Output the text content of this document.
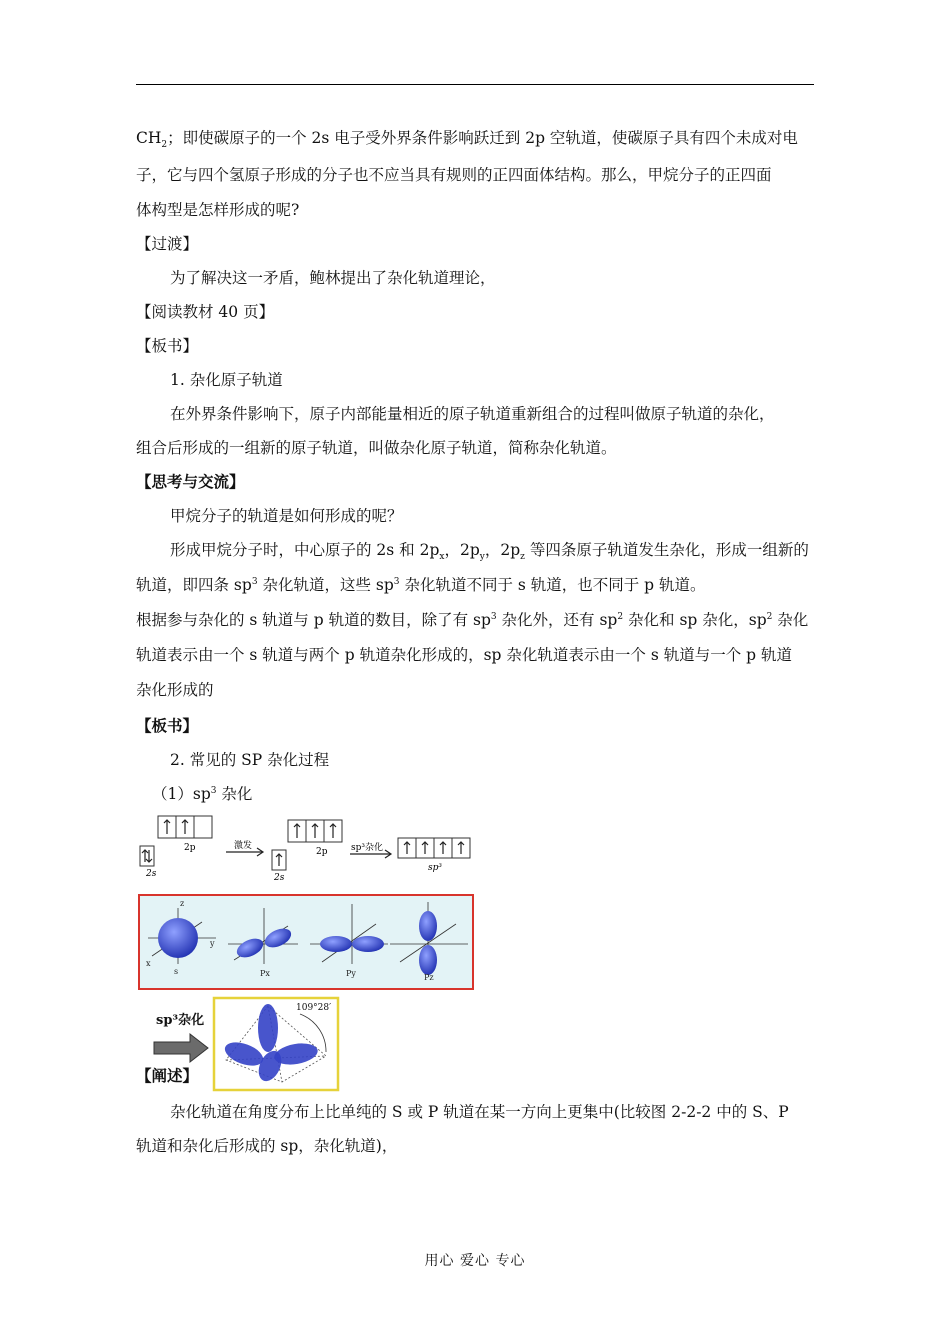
$CH_2$；即使碳原子的一个 2s 电子受外界条件影响跃迁到 2p 空轨道，使碳原子具有四个未成对电
子，它与四个氢原子形成的分子也不应当具有规则的正四面体结构。那么，甲烷分子的正四面
体构型是怎样形成的呢?
【过渡】
为了解决这一矛盾，鲍林提出了杂化轨道理论，
【阅读教材 40 页】
【板书】
1. 杂化原子轨道
在外界条件影响下，原子内部能量相近的原子轨道重新组合的过程叫做原子轨道的杂化，
组合后形成的一组新的原子轨道，叫做杂化原子轨道，简称杂化轨道。
【思考与交流】
甲烷分子的轨道是如何形成的呢？
形成甲烷分子时，中心原子的 2s 和 $2p_x$，$2p_y$，$2p_z$ 等四条原子轨道发生杂化，形成一组新的
轨道，即四条 $sp^3$ 杂化轨道，这些 $sp^3$ 杂化轨道不同于 s 轨道，也不同于 p 轨道。
根据参与杂化的 s 轨道与 p 轨道的数目，除了有 $sp^3$ 杂化外，还有 $sp^2$ 杂化和 sp 杂化，$sp^2$ 杂化
轨道表示由一个 s 轨道与两个 p 轨道杂化形成的，sp 杂化轨道表示由一个 s 轨道与一个 p 轨道
杂化形成的
【板书】
2. 常见的 SP 杂化过程
$(1)sp^3$ 杂化
2s
2p	激发
2s
2p	sp³杂化
sp³
z
y
x
s	Px	Py	Pz
sp³杂化
109°28′
【阐述】
杂化轨道在角度分布上比单纯的 S 或 P 轨道在某一方向上更集中(比较图 2-2-2 中的 S、P
轨道和杂化后形成的 sp，杂化轨道)，
用心 爱心 专心
